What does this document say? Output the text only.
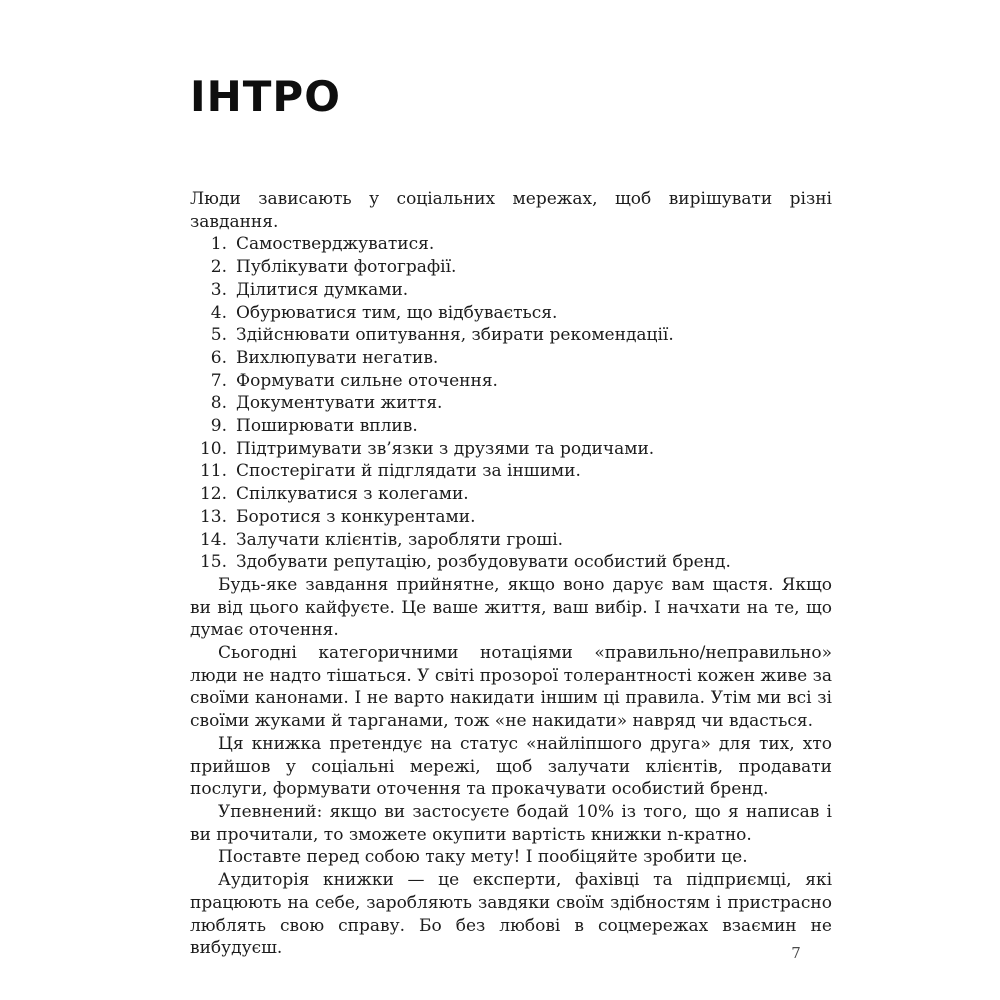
ІНТРО

Люди зависають у соціальних мережах, щоб вирішувати різні завдання.

1. Самостверджуватися.
2. Публікувати фотографії.
3. Ділитися думками.
4. Обурюватися тим, що відбувається.
5. Здійснювати опитування, збирати рекомендації.
6. Вихлюпувати негатив.
7. Формувати сильне оточення.
8. Документувати життя.
9. Поширювати вплив.
10. Підтримувати зв’язки з друзями та родичами.
11. Спостерігати й підглядати за іншими.
12. Спілкуватися з колегами.
13. Боротися з конкурентами.
14. Залучати клієнтів, заробляти гроші.
15. Здобувати репутацію, розбудовувати особистий бренд.

Будь-яке завдання прийнятне, якщо воно дарує вам щастя. Якщо ви від цього кайфуєте. Це ваше життя, ваш вибір. І начхати на те, що думає оточення.

Сьогодні категоричними нотаціями «правильно/неправильно» люди не надто тішаться. У світі прозорої толерантності кожен живе за своїми канонами. І не варто накидати іншим ці правила. Утім ми всі зі своїми жуками й тарганами, тож «не накидати» навряд чи вдасться.

Ця книжка претендує на статус «найліпшого друга» для тих, хто прийшов у соціальні мережі, щоб залучати клієнтів, продавати послуги, формувати оточення та прокачувати особистий бренд.

Упевнений: якщо ви застосуєте бодай 10% із того, що я написав і ви прочитали, то зможете окупити вартість книжки n-кратно.

Поставте перед собою таку мету! І пообіцяйте зробити це.

Аудиторія книжки — це експерти, фахівці та підприємці, які працюють на себе, заробляють завдяки своїм здібностям і пристрасно люблять свою справу. Бо без любові в соцмережах взаємин не вибудуєш.	7
